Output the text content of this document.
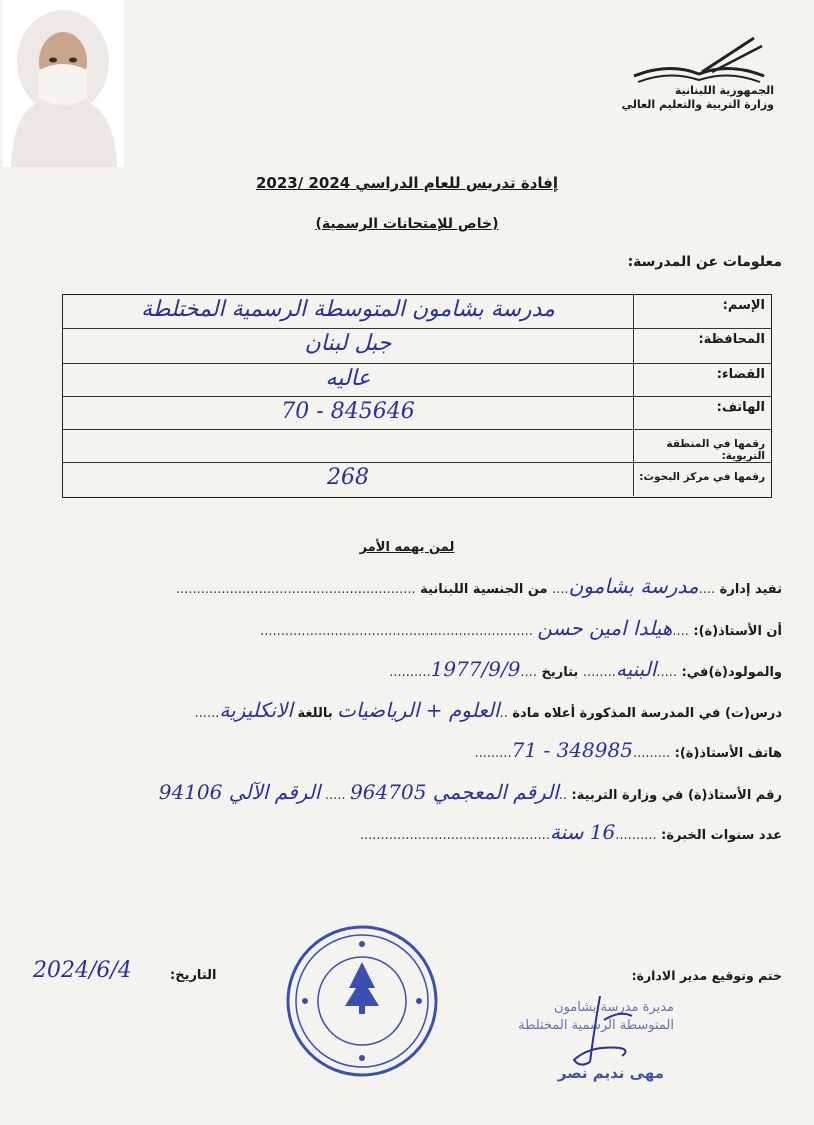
الجمهورية اللبنانية
وزارة التربية والتعليم العالي
إفادة تدريس للعام الدراسي 2024 /2023
(خاص للإمتحانات الرسمية)
معلومات عن المدرسة:
الإسم:
مدرسة بشامون المتوسطة الرسمية المختلطة
المحافظة:
جبل لبنان
القضاء:
عاليه
الهاتف:
70 - 845646
رقمها في المنطقة التربوية:
رقمها في مركز البحوث:
268
لمن يهمه الأمر
تفيد إدارة ....مدرسة بشامون.... من الجنسية اللبنانية ..........................................................
أن الأستاذ(ة): ....هيلدا امين حسن ..................................................................
والمولود(ة)في: .....البنيه........ بتاريخ ....1977/9/9..........
درس(ت) في المدرسة المذكورة أعلاه مادة ..العلوم + الرياضيات باللغة الانكليزية......
هاتف الأستاذ(ة): .........71 - 348985.........
رقم الأستاذ(ة) في وزارة التربية: ..الرقم المعجمي 964705 ..... الرقم الآلي 94106
عدد سنوات الخبرة: ..........16 سنة..............................................
التاريخ:
2024/6/4	ختم وتوقيع مدير الادارة:
مديرة مدرسة بشامون
المتوسطة الرسمية المختلطة
مهى نديم نصر
